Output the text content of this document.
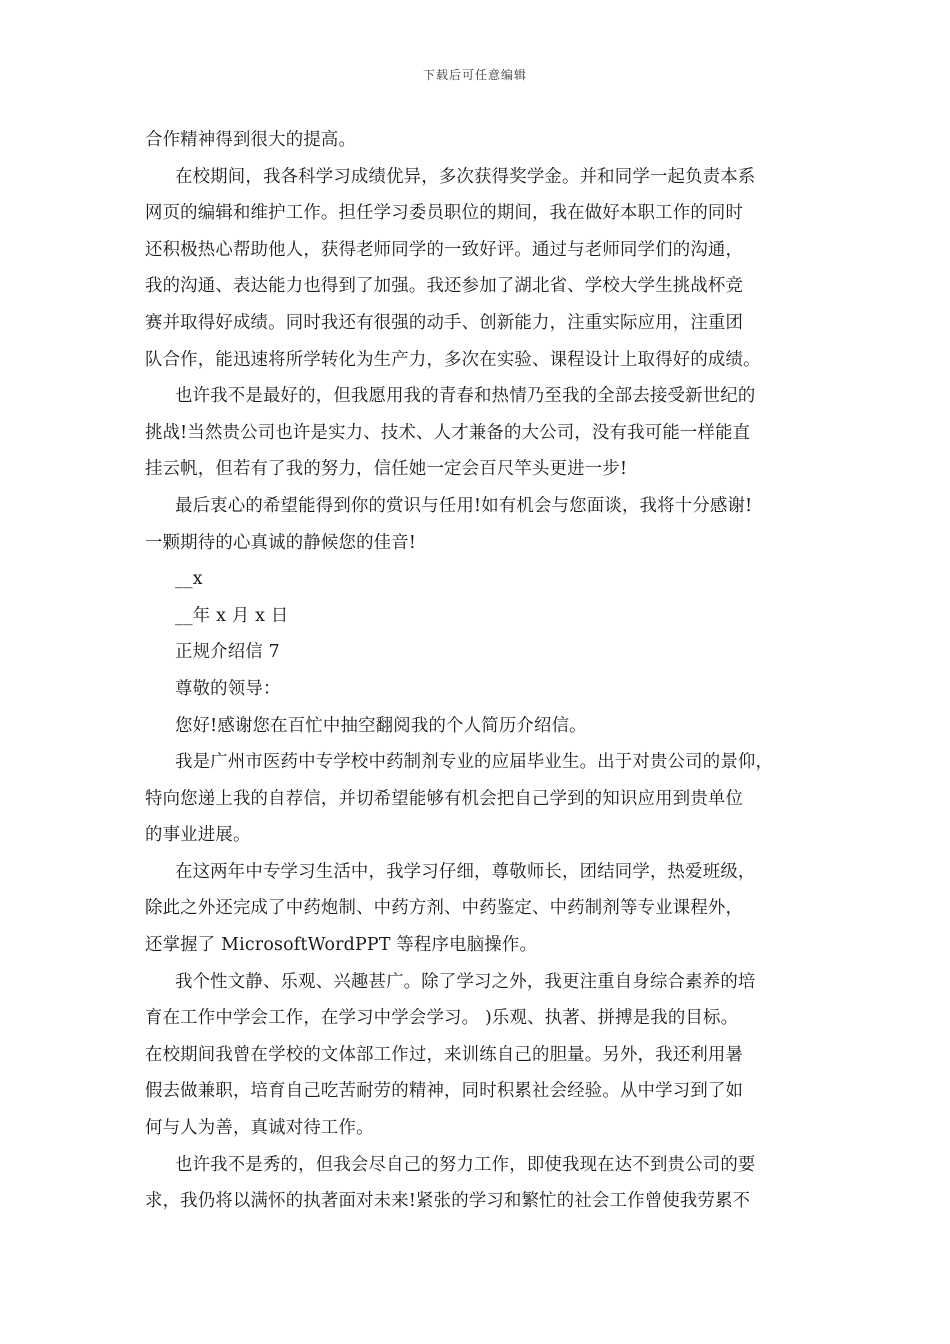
下载后可任意编辑
合作精神得到很大的提高。
在校期间，我各科学习成绩优异，多次获得奖学金。并和同学一起负责本系
网页的编辑和维护工作。担任学习委员职位的期间，我在做好本职工作的同时
还积极热心帮助他人，获得老师同学的一致好评。通过与老师同学们的沟通，
我的沟通、表达能力也得到了加强。我还参加了湖北省、学校大学生挑战杯竞
赛并取得好成绩。同时我还有很强的动手、创新能力，注重实际应用，注重团
队合作，能迅速将所学转化为生产力，多次在实验、课程设计上取得好的成绩。
也许我不是最好的，但我愿用我的青春和热情乃至我的全部去接受新世纪的
挑战!当然贵公司也许是实力、技术、人才兼备的大公司，没有我可能一样能直
挂云帆，但若有了我的努力，信任她一定会百尺竿头更进一步!
最后衷心的希望能得到你的赏识与任用!如有机会与您面谈，我将十分感谢!
一颗期待的心真诚的静候您的佳音!
__x
__年 x 月 x 日
正规介绍信 7
尊敬的领导：
您好!感谢您在百忙中抽空翻阅我的个人简历介绍信。
我是广州市医药中专学校中药制剂专业的应届毕业生。出于对贵公司的景仰，
特向您递上我的自荐信，并切希望能够有机会把自己学到的知识应用到贵单位
的事业进展。
在这两年中专学习生活中，我学习仔细，尊敬师长，团结同学，热爱班级，
除此之外还完成了中药炮制、中药方剂、中药鉴定、中药制剂等专业课程外，
还掌握了 MicrosoftWordPPT 等程序电脑操作。
我个性文静、乐观、兴趣甚广。除了学习之外，我更注重自身综合素养的培
育在工作中学会工作，在学习中学会学习。 )乐观、执著、拼搏是我的目标。
在校期间我曾在学校的文体部工作过，来训练自己的胆量。另外，我还利用暑
假去做兼职，培育自己吃苦耐劳的精神，同时积累社会经验。从中学习到了如
何与人为善，真诚对待工作。
也许我不是秀的，但我会尽自己的努力工作，即使我现在达不到贵公司的要
求，我仍将以满怀的执著面对未来!紧张的学习和繁忙的社会工作曾使我劳累不
